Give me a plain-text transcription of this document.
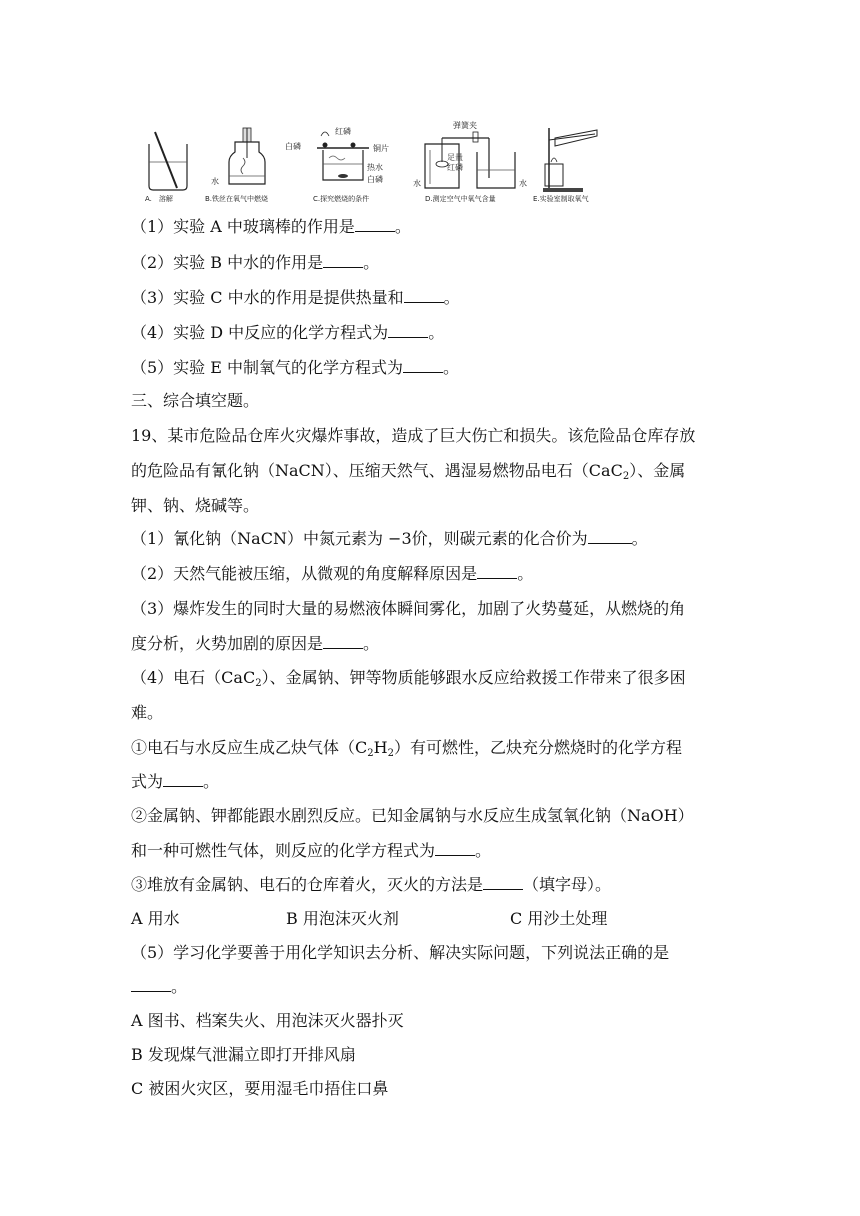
A.　溶解
水
B.铁丝在氧气中燃烧
白磷
红磷
铜片
热水
白磷
C.探究燃烧的条件
弹簧夹
足量
红磷
水	水
D.测定空气中氧气含量	E.实验室制取氧气
（1）实验 A 中玻璃棒的作用是	。
（2）实验 B 中水的作用是	。
（3）实验 C 中水的作用是提供热量和	。
（4）实验 D 中反应的化学方程式为	。
（5）实验 E 中制氧气的化学方程式为	。
三、综合填空题。
19、某市危险品仓库火灾爆炸事故，造成了巨大伤亡和损失。该危险品仓库存放
的危险品有氰化钠（NaCN）、压缩天然气、遇湿易燃物品电石（CaC$_2$）、金属
钾、钠、烧碱等。
（1）氰化钠（NaCN）中氮元素为 −3价，则碳元素的化合价为	。
（2）天然气能被压缩，从微观的角度解释原因是	。
（3）爆炸发生的同时大量的易燃液体瞬间雾化，加剧了火势蔓延，从燃烧的角
度分析，火势加剧的原因是	。
（4）电石（CaC$_2$）、金属钠、钾等物质能够跟水反应给救援工作带来了很多困
难。
①电石与水反应生成乙炔气体$(C_2H_2)$有可燃性，乙炔充分燃烧时的化学方程
式为	。
②金属钠、钾都能跟水剧烈反应。已知金属钠与水反应生成氢氧化钠（NaOH）
和一种可燃性气体，则反应的化学方程式为	。
③堆放有金属钠、电石的仓库着火，灭火的方法是	（填字母）。
A 用水	B 用泡沫灭火剂	C 用沙土处理
（5）学习化学要善于用化学知识去分析、解决实际问题，下列说法正确的是
。
A 图书、档案失火、用泡沫灭火器扑灭
B 发现煤气泄漏立即打开排风扇
C 被困火灾区，要用湿毛巾捂住口鼻
